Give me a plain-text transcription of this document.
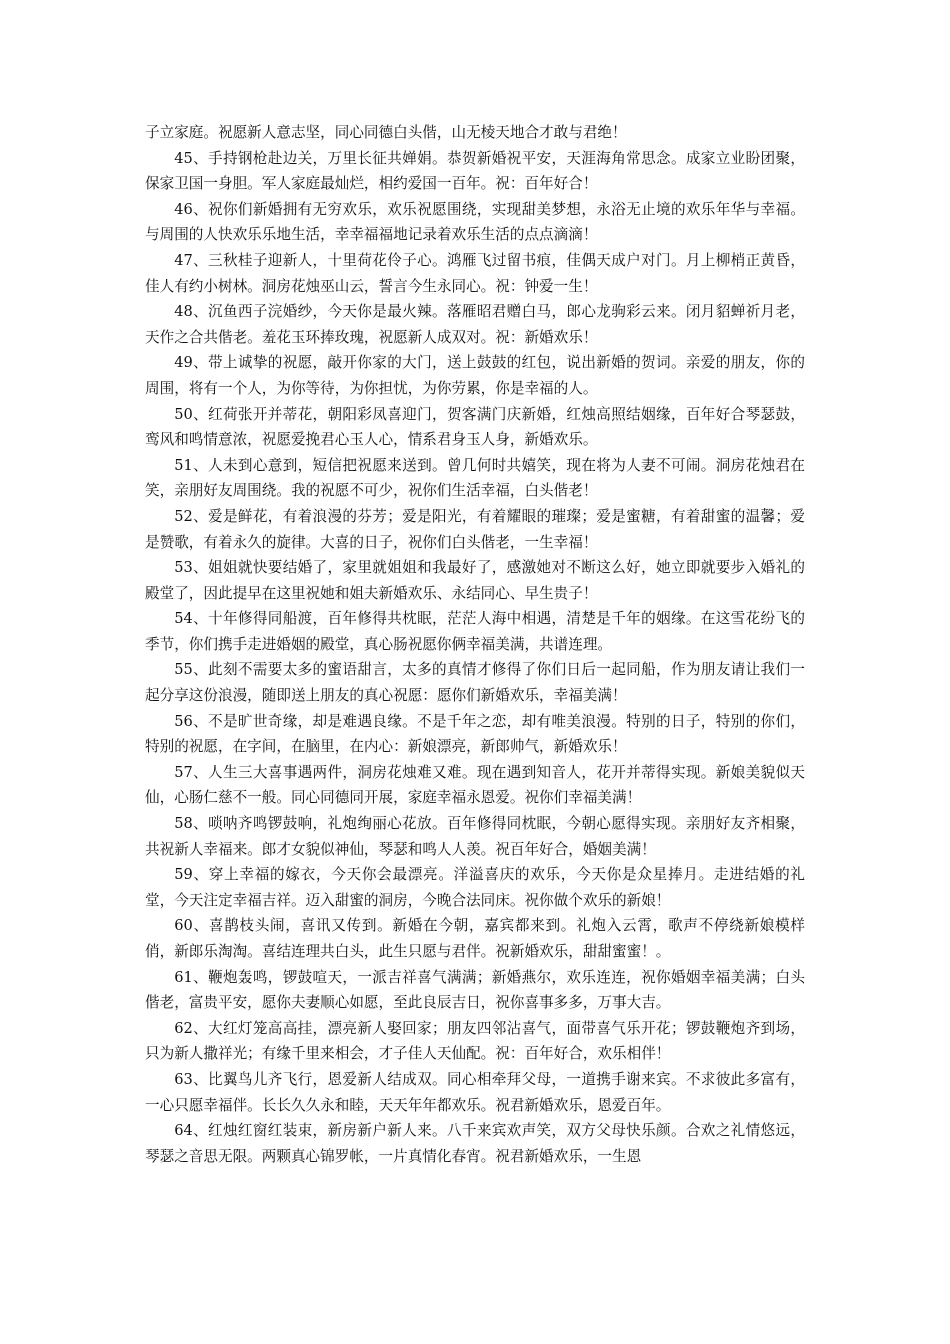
子立家庭。祝愿新人意志坚，同心同德白头偕，山无棱天地合才敢与君绝！

45、手持钢枪赴边关，万里长征共婵娟。恭贺新婚祝平安，天涯海角常思念。成家立业盼团聚，保家卫国一身胆。军人家庭最灿烂，相约爱国一百年。祝：百年好合！

46、祝你们新婚拥有无穷欢乐，欢乐祝愿围绕，实现甜美梦想，永浴无止境的欢乐年华与幸福。与周围的人快欢乐乐地生活，幸幸福福地记录着欢乐生活的点点滴滴！

47、三秋桂子迎新人，十里荷花伶子心。鸿雁飞过留书痕，佳偶天成户对门。月上柳梢正黄昏，佳人有约小树林。洞房花烛巫山云，誓言今生永同心。祝：钟爱一生！

48、沉鱼西子浣婚纱，今天你是最火辣。落雁昭君赠白马，郎心龙驹彩云来。闭月貂蝉祈月老，天作之合共偕老。羞花玉环捧玫瑰，祝愿新人成双对。祝：新婚欢乐！

49、带上诚挚的祝愿，敲开你家的大门，送上鼓鼓的红包，说出新婚的贺词。亲爱的朋友，你的周围，将有一个人，为你等待，为你担忧，为你劳累，你是幸福的人。

50、红荷张开并蒂花，朝阳彩凤喜迎门，贺客满门庆新婚，红烛高照结姻缘，百年好合琴瑟鼓，鸾风和鸣情意浓，祝愿爱挽君心玉人心，情系君身玉人身，新婚欢乐。

51、人未到心意到，短信把祝愿来送到。曾几何时共嬉笑，现在将为人妻不可闹。洞房花烛君在笑，亲朋好友周围绕。我的祝愿不可少，祝你们生活幸福，白头偕老！

52、爱是鲜花，有着浪漫的芬芳；爱是阳光，有着耀眼的璀璨；爱是蜜糖，有着甜蜜的温馨；爱是赞歌，有着永久的旋律。大喜的日子，祝你们白头偕老，一生幸福！

53、姐姐就快要结婚了，家里就姐姐和我最好了，感激她对不断这么好，她立即就要步入婚礼的殿堂了，因此提早在这里祝她和姐夫新婚欢乐、永结同心、早生贵子！

54、十年修得同船渡，百年修得共枕眠，茫茫人海中相遇，清楚是千年的姻缘。在这雪花纷飞的季节，你们携手走进婚姻的殿堂，真心肠祝愿你俩幸福美满，共谱连理。

55、此刻不需要太多的蜜语甜言，太多的真情才修得了你们日后一起同船，作为朋友请让我们一起分享这份浪漫，随即送上朋友的真心祝愿：愿你们新婚欢乐，幸福美满！

56、不是旷世奇缘，却是难遇良缘。不是千年之恋，却有唯美浪漫。特别的日子，特别的你们，特别的祝愿，在字间，在脑里，在内心：新娘漂亮，新郎帅气，新婚欢乐！

57、人生三大喜事遇两件，洞房花烛难又难。现在遇到知音人，花开并蒂得实现。新娘美貌似天仙，心肠仁慈不一般。同心同德同开展，家庭幸福永恩爱。祝你们幸福美满！

58、唢呐齐鸣锣鼓响，礼炮绚丽心花放。百年修得同枕眠，今朝心愿得实现。亲朋好友齐相聚，共祝新人幸福来。郎才女貌似神仙，琴瑟和鸣人人羡。祝百年好合，婚姻美满！

59、穿上幸福的嫁衣，今天你会最漂亮。洋溢喜庆的欢乐，今天你是众星捧月。走进结婚的礼堂，今天注定幸福吉祥。迈入甜蜜的洞房，今晚合法同床。祝你做个欢乐的新娘！

60、喜鹊枝头闹，喜讯又传到。新婚在今朝，嘉宾都来到。礼炮入云霄，歌声不停绕新娘模样俏，新郎乐淘淘。喜结连理共白头，此生只愿与君伴。祝新婚欢乐，甜甜蜜蜜！。

61、鞭炮轰鸣，锣鼓喧天，一派吉祥喜气满满；新婚燕尔，欢乐连连，祝你婚姻幸福美满；白头偕老，富贵平安，愿你夫妻顺心如愿，至此良辰吉日，祝你喜事多多，万事大吉。

62、大红灯笼高高挂，漂亮新人娶回家；朋友四邻沾喜气，面带喜气乐开花；锣鼓鞭炮齐到场，只为新人撒祥光；有缘千里来相会，才子佳人天仙配。祝：百年好合，欢乐相伴！

63、比翼鸟儿齐飞行，恩爱新人结成双。同心相牵拜父母，一道携手谢来宾。不求彼此多富有，一心只愿幸福伴。长长久久永和睦，天天年年都欢乐。祝君新婚欢乐，恩爱百年。

64、红烛红窗红装束，新房新户新人来。八千来宾欢声笑，双方父母快乐颜。合欢之礼情悠远，琴瑟之音思无限。两颗真心锦罗帐，一片真情化春宵。祝君新婚欢乐，一生恩
